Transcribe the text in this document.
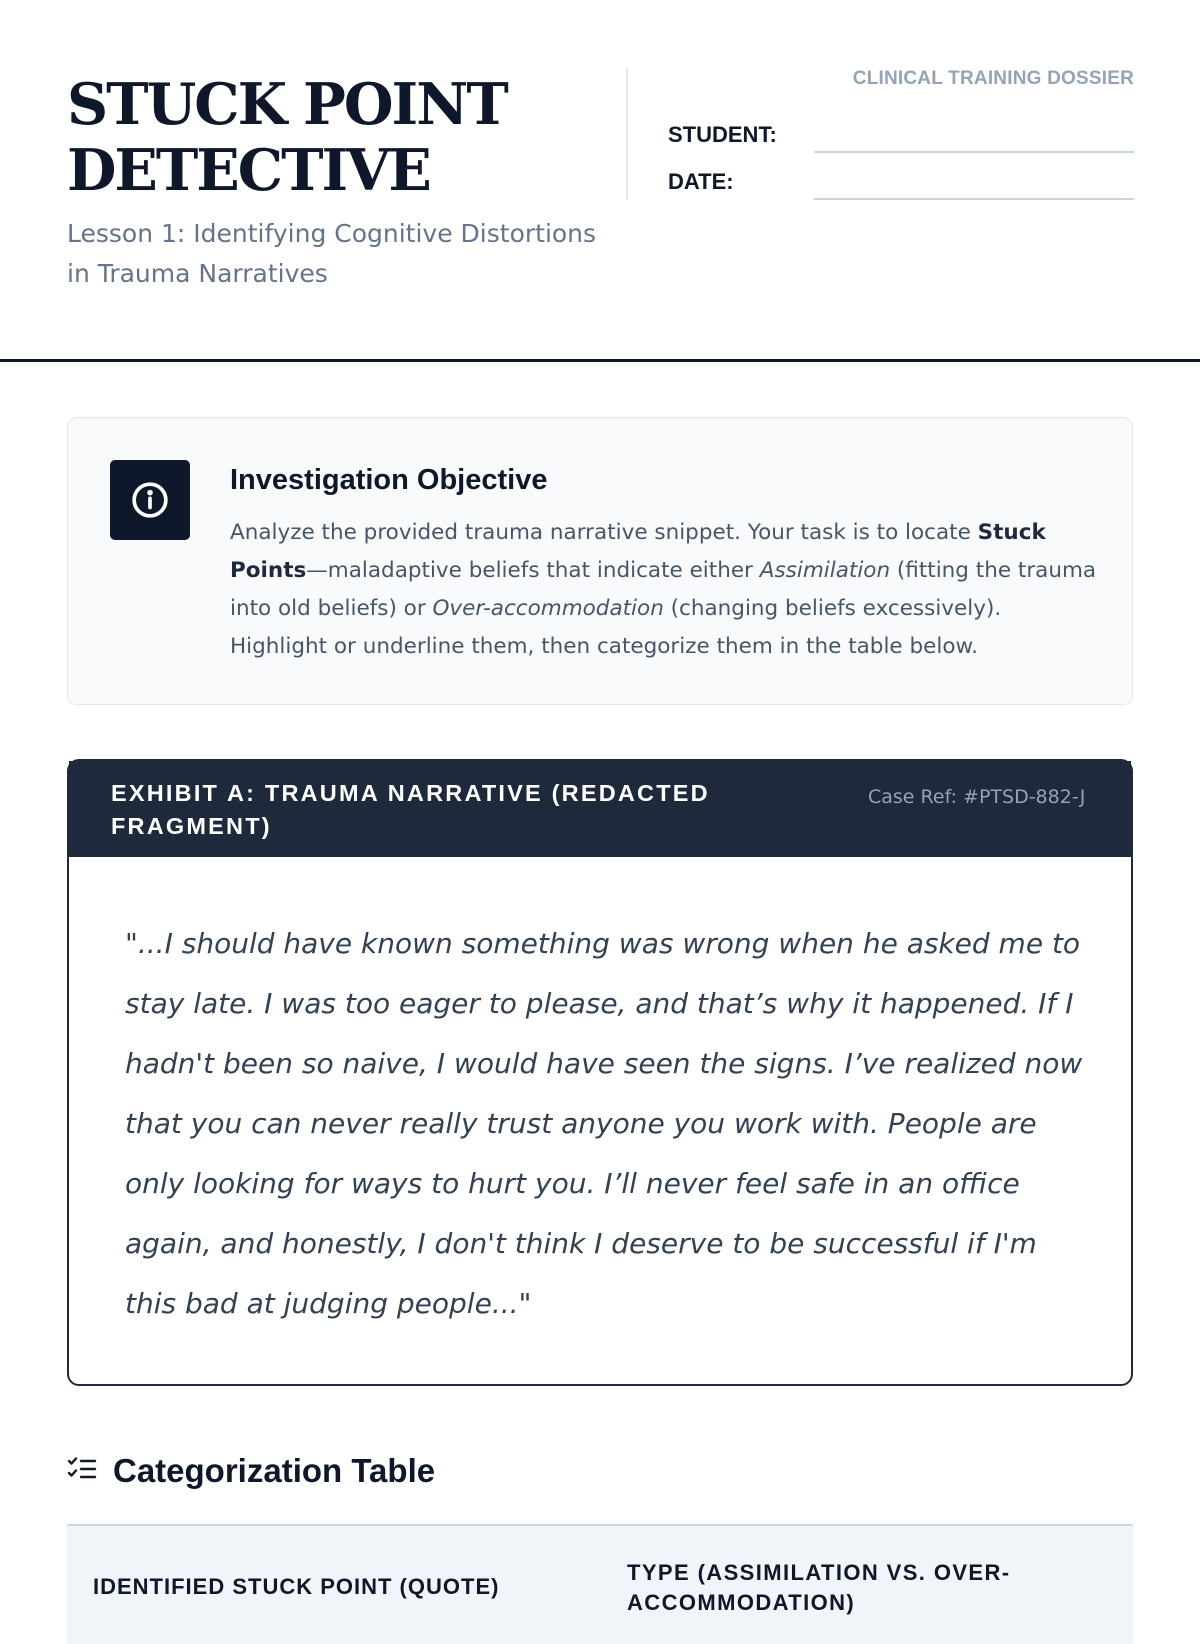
STUCK POINT
DETECTIVE
Lesson 1: Identifying Cognitive Distortions
in Trauma Narratives
CLINICAL TRAINING DOSSIER
STUDENT:
DATE:
Investigation Objective
Analyze the provided trauma narrative snippet. Your task is to locate Stuck Points—maladaptive beliefs that indicate either Assimilation (fitting the trauma into old beliefs) or Over-accommodation (changing beliefs excessively). Highlight or underline them, then categorize them in the table below.
EXHIBIT A: TRAUMA NARRATIVE (REDACTED FRAGMENT)
Case Ref: #PTSD-882-J
"...I should have known something was wrong when he asked me to stay late. I was too eager to please, and that’s why it happened. If I hadn't been so naive, I would have seen the signs. I’ve realized now that you can never really trust anyone you work with. People are only looking for ways to hurt you. I’ll never feel safe in an office again, and honestly, I don't think I deserve to be successful if I'm this bad at judging people..."
Categorization Table
IDENTIFIED STUCK POINT (QUOTE)
TYPE (ASSIMILATION VS. OVER-ACCOMMODATION)
